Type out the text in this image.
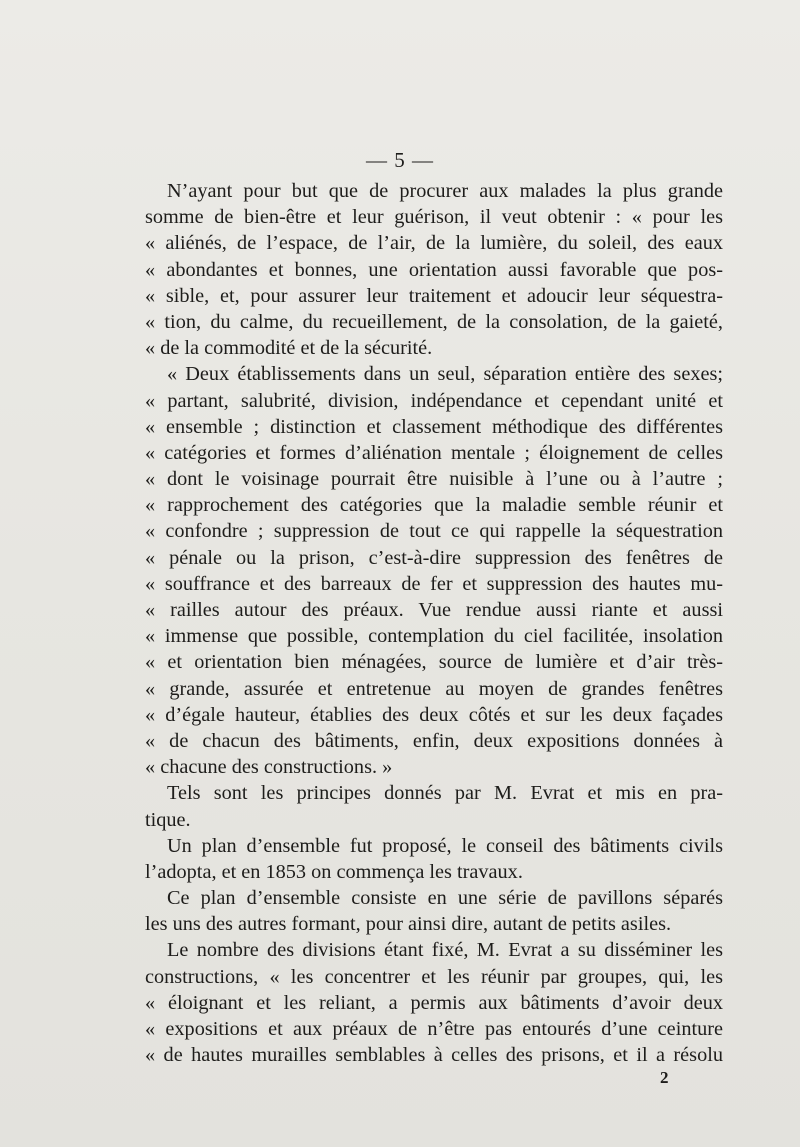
— 5 —
N’ayant pour but que de procurer aux malades la plus grande
somme de bien-être et leur guérison, il veut obtenir : « pour les
« aliénés, de l’espace, de l’air, de la lumière, du soleil, des eaux
« abondantes et bonnes, une orientation aussi favorable que pos-
« sible, et, pour assurer leur traitement et adoucir leur séquestra-
« tion, du calme, du recueillement, de la consolation, de la gaieté,
« de la commodité et de la sécurité.
« Deux établissements dans un seul, séparation entière des sexes;
« partant, salubrité, division, indépendance et cependant unité et
« ensemble ; distinction et classement méthodique des différentes
« catégories et formes d’aliénation mentale ; éloignement de celles
« dont le voisinage pourrait être nuisible à l’une ou à l’autre ;
« rapprochement des catégories que la maladie semble réunir et
« confondre ; suppression de tout ce qui rappelle la séquestration
« pénale ou la prison, c’est-à-dire suppression des fenêtres de
« souffrance et des barreaux de fer et suppression des hautes mu-
« railles autour des préaux. Vue rendue aussi riante et aussi
« immense que possible, contemplation du ciel facilitée, insolation
« et orientation bien ménagées, source de lumière et d’air très-
« grande, assurée et entretenue au moyen de grandes fenêtres
« d’égale hauteur, établies des deux côtés et sur les deux façades
« de chacun des bâtiments, enfin, deux expositions données à
« chacune des constructions. »
Tels sont les principes donnés par M. Evrat et mis en pra-
tique.
Un plan d’ensemble fut proposé, le conseil des bâtiments civils
l’adopta, et en 1853 on commença les travaux.
Ce plan d’ensemble consiste en une série de pavillons séparés
les uns des autres formant, pour ainsi dire, autant de petits asiles.
Le nombre des divisions étant fixé, M. Evrat a su disséminer les
constructions, « les concentrer et les réunir par groupes, qui, les
« éloignant et les reliant, a permis aux bâtiments d’avoir deux
« expositions et aux préaux de n’être pas entourés d’une ceinture
« de hautes murailles semblables à celles des prisons, et il a résolu
2
